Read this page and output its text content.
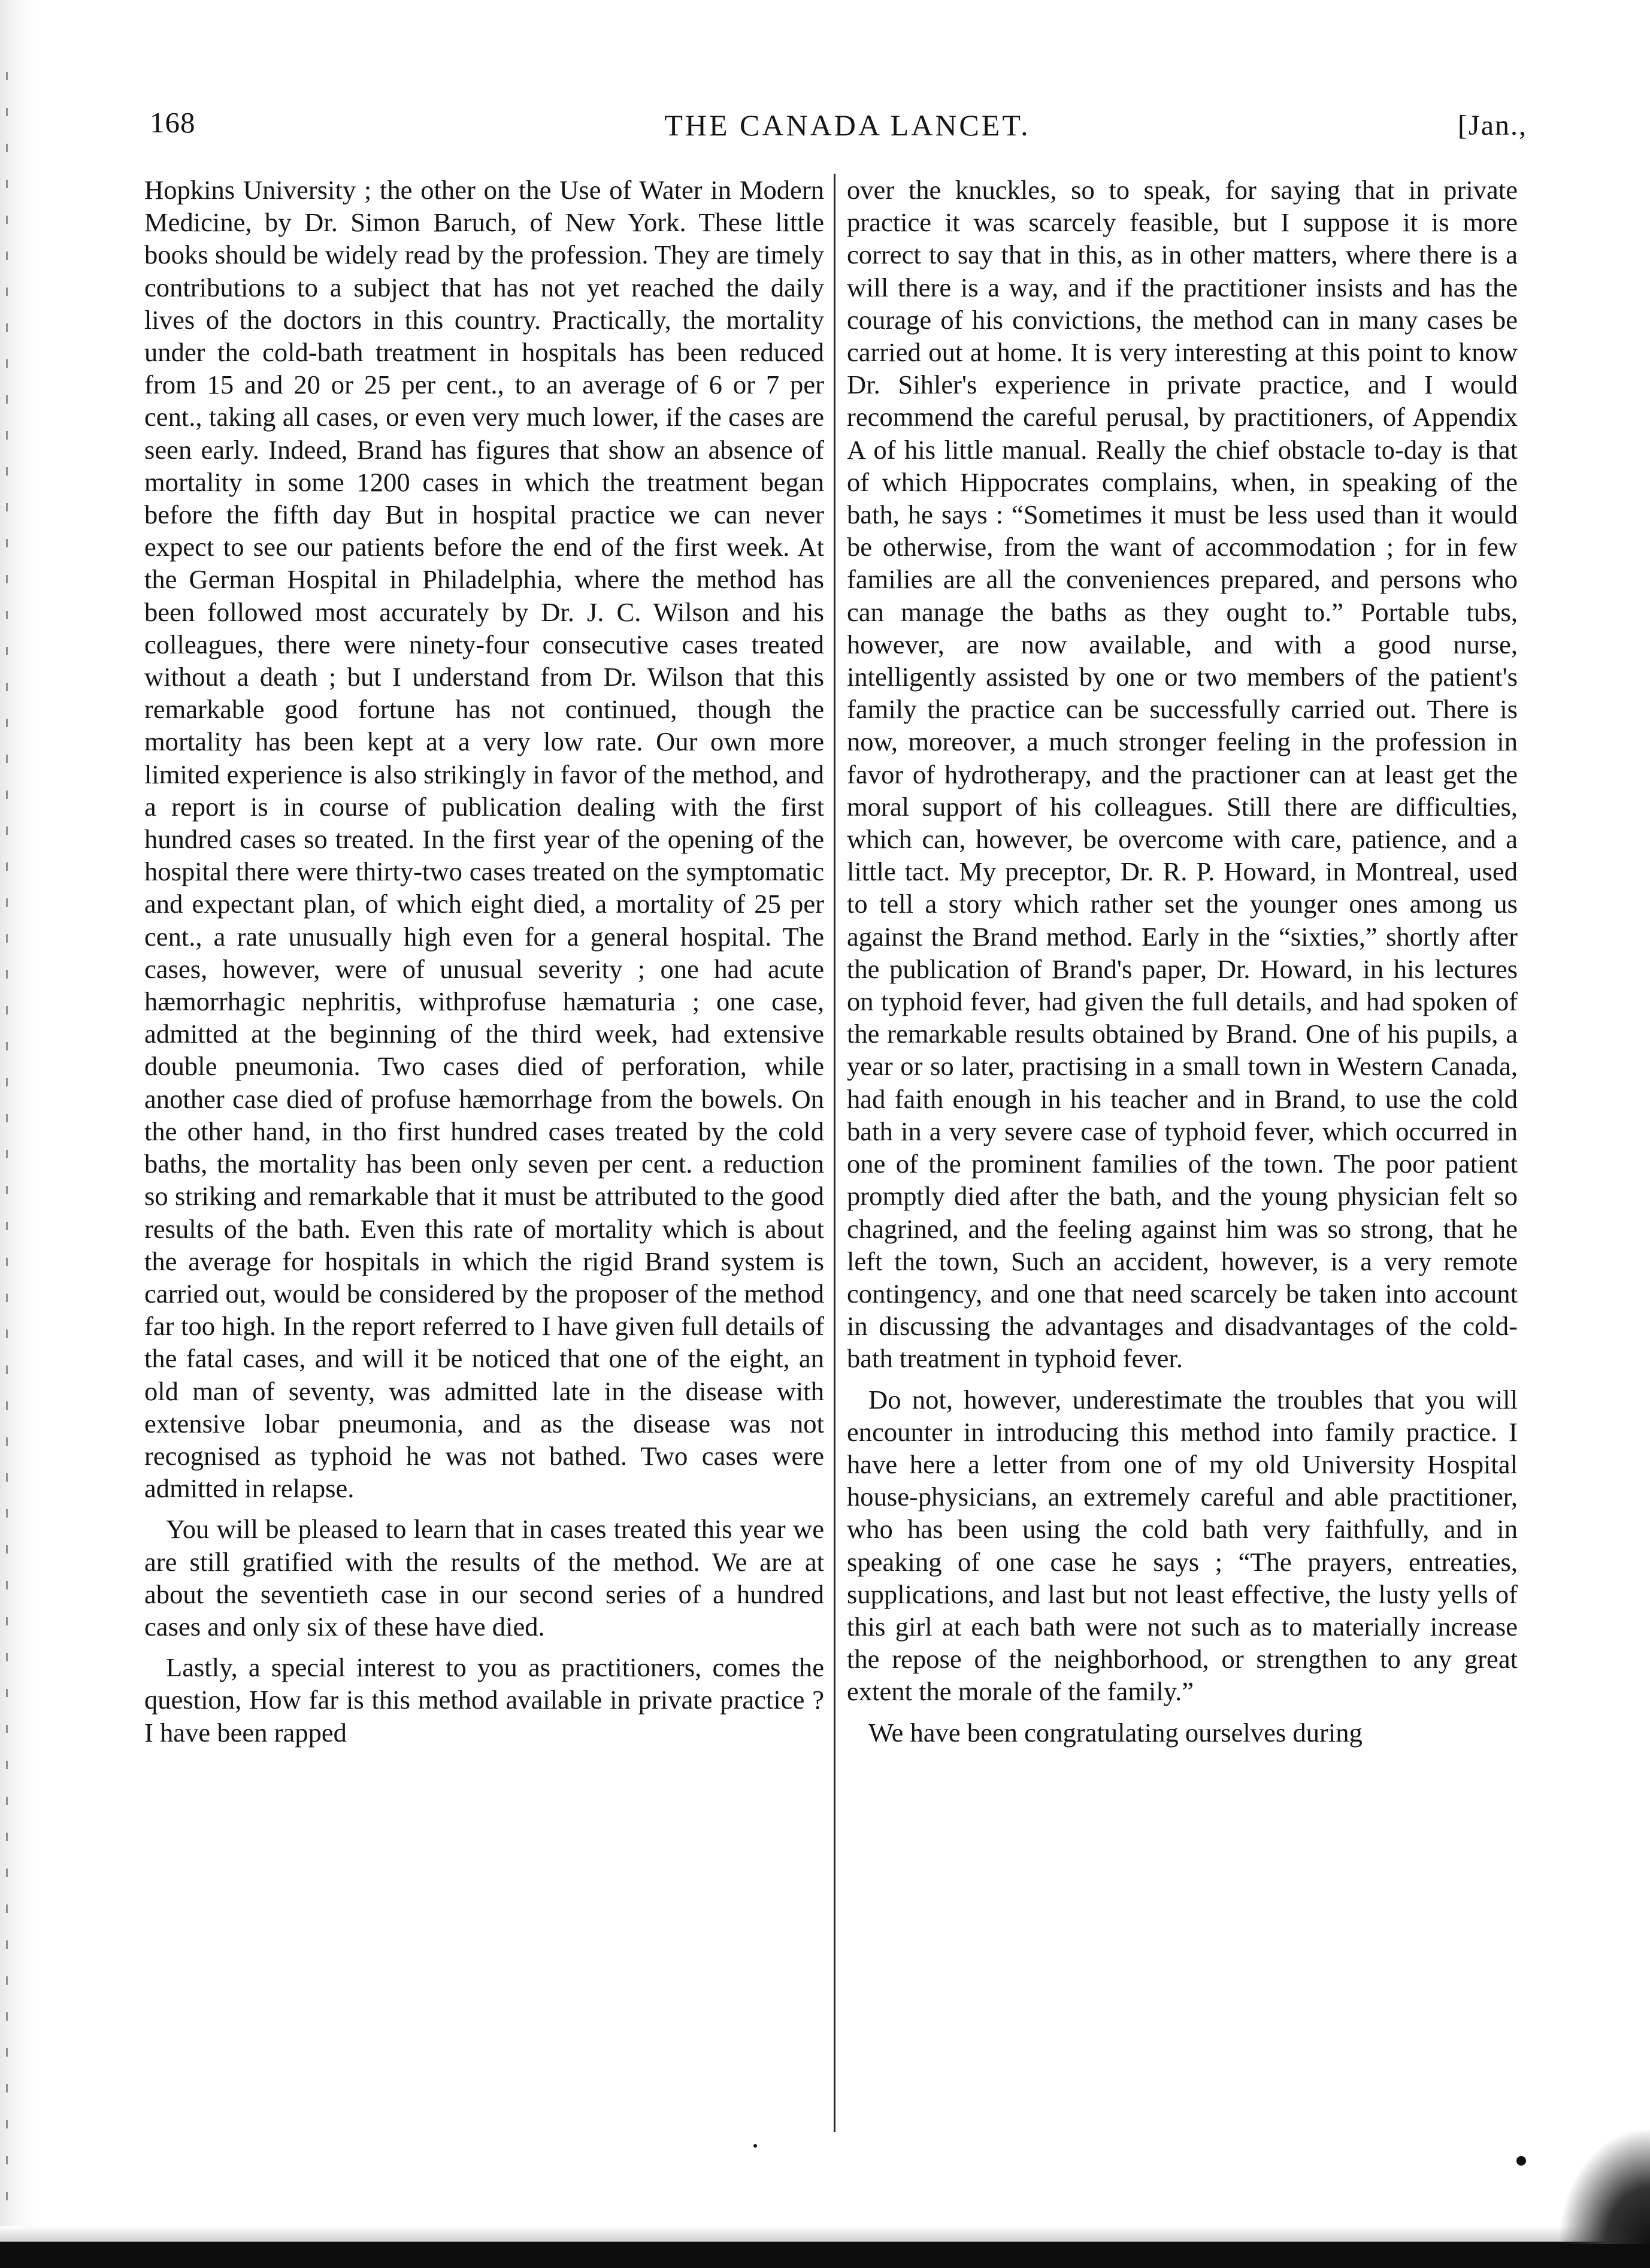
168	THE CANADA LANCET.	[Jan.,

Hopkins University ; the other on the Use of Water in Modern Medicine, by Dr. Simon Baruch, of New York. These little books should be widely read by the profession. They are timely contributions to a subject that has not yet reached the daily lives of the doctors in this country. Practically, the mortality under the cold-bath treatment in hospitals has been reduced from 15 and 20 or 25 per cent., to an average of 6 or 7 per cent., taking all cases, or even very much lower, if the cases are seen early. Indeed, Brand has figures that show an absence of mortality in some 1200 cases in which the treatment began before the fifth day But in hospital practice we can never expect to see our patients before the end of the first week. At the German Hospital in Philadelphia, where the method has been followed most accurately by Dr. J. C. Wilson and his colleagues, there were ninety-four consecutive cases treated without a death ; but I understand from Dr. Wilson that this remarkable good fortune has not continued, though the mortality has been kept at a very low rate. Our own more limited experience is also strikingly in favor of the method, and a report is in course of publication dealing with the first hundred cases so treated. In the first year of the opening of the hospital there were thirty-two cases treated on the symptomatic and expectant plan, of which eight died, a mortality of 25 per cent., a rate unusually high even for a general hospital. The cases, however, were of unusual severity ; one had acute hæmorrhagic nephritis, withprofuse hæmaturia ; one case, admitted at the beginning of the third week, had extensive double pneumonia. Two cases died of perforation, while another case died of profuse hæmorrhage from the bowels. On the other hand, in tho first hundred cases treated by the cold baths, the mortality has been only seven per cent. a reduction so striking and remarkable that it must be attributed to the good results of the bath. Even this rate of mortality which is about the average for hospitals in which the rigid Brand system is carried out, would be considered by the proposer of the method far too high. In the report referred to I have given full details of the fatal cases, and will it be noticed that one of the eight, an old man of seventy, was admitted late in the disease with extensive lobar pneumonia, and as the disease was not recognised as typhoid he was not bathed. Two cases were admitted in relapse.

You will be pleased to learn that in cases treated this year we are still gratified with the results of the method. We are at about the seventieth case in our second series of a hundred cases and only six of these have died.

Lastly, a special interest to you as practitioners, comes the question, How far is this method available in private practice ? I have been rapped

over the knuckles, so to speak, for saying that in private practice it was scarcely feasible, but I suppose it is more correct to say that in this, as in other matters, where there is a will there is a way, and if the practitioner insists and has the courage of his convictions, the method can in many cases be carried out at home. It is very interesting at this point to know Dr. Sihler's experience in private practice, and I would recommend the careful perusal, by practitioners, of Appendix A of his little manual. Really the chief obstacle to-day is that of which Hippocrates complains, when, in speaking of the bath, he says : “Sometimes it must be less used than it would be otherwise, from the want of accommodation ; for in few families are all the conveniences prepared, and persons who can manage the baths as they ought to.” Portable tubs, however, are now available, and with a good nurse, intelligently assisted by one or two members of the patient's family the practice can be successfully carried out. There is now, moreover, a much stronger feeling in the profession in favor of hydrotherapy, and the practioner can at least get the moral support of his colleagues. Still there are difficulties, which can, however, be overcome with care, patience, and a little tact. My preceptor, Dr. R. P. Howard, in Montreal, used to tell a story which rather set the younger ones among us against the Brand method. Early in the “sixties,” shortly after the publication of Brand's paper, Dr. Howard, in his lectures on typhoid fever, had given the full details, and had spoken of the remarkable results obtained by Brand. One of his pupils, a year or so later, practising in a small town in Western Canada, had faith enough in his teacher and in Brand, to use the cold bath in a very severe case of typhoid fever, which occurred in one of the prominent families of the town. The poor patient promptly died after the bath, and the young physician felt so chagrined, and the feeling against him was so strong, that he left the town, Such an accident, however, is a very remote contingency, and one that need scarcely be taken into account in discussing the advantages and disadvantages of the cold-bath treatment in typhoid fever.

Do not, however, underestimate the troubles that you will encounter in introducing this method into family practice. I have here a letter from one of my old University Hospital house-physicians, an extremely careful and able practitioner, who has been using the cold bath very faithfully, and in speaking of one case he says ; “The prayers, entreaties, supplications, and last but not least effective, the lusty yells of this girl at each bath were not such as to materially increase the repose of the neighborhood, or strengthen to any great extent the morale of the family.”

We have been congratulating ourselves during
